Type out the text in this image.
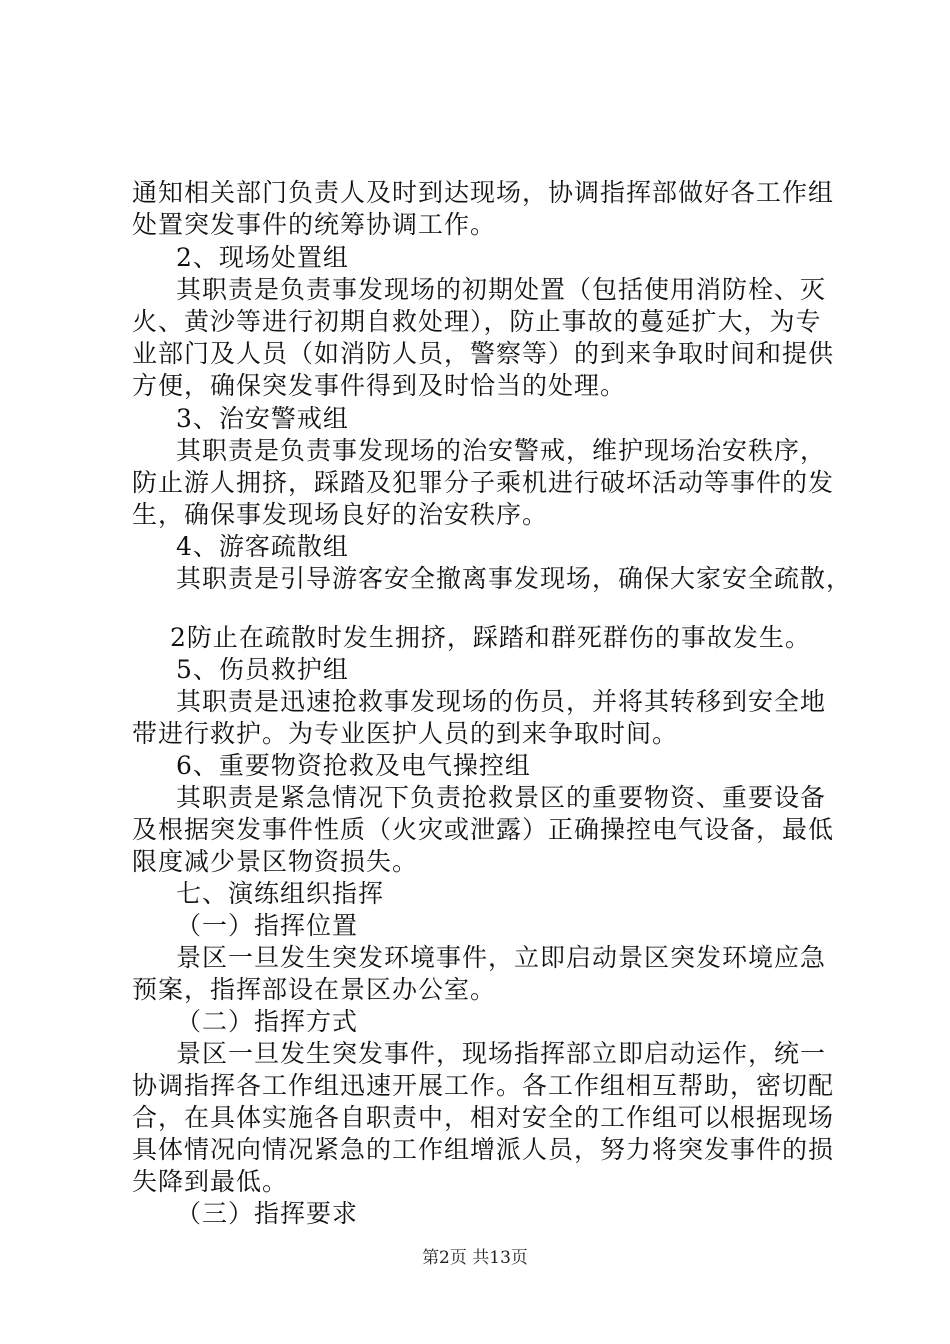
通知相关部门负责人及时到达现场，协调指挥部做好各工作组
处置突发事件的统筹协调工作。
2、现场处置组
其职责是负责事发现场的初期处置（包括使用消防栓、灭
火、黄沙等进行初期自救处理），防止事故的蔓延扩大，为专
业部门及人员（如消防人员，警察等）的到来争取时间和提供
方便，确保突发事件得到及时恰当的处理。
3、治安警戒组
其职责是负责事发现场的治安警戒，维护现场治安秩序，
防止游人拥挤，踩踏及犯罪分子乘机进行破坏活动等事件的发
生，确保事发现场良好的治安秩序。
4、游客疏散组
其职责是引导游客安全撤离事发现场，确保大家安全疏散，
2防止在疏散时发生拥挤，踩踏和群死群伤的事故发生。
5、伤员救护组
其职责是迅速抢救事发现场的伤员，并将其转移到安全地
带进行救护。为专业医护人员的到来争取时间。
6、重要物资抢救及电气操控组
其职责是紧急情况下负责抢救景区的重要物资、重要设备
及根据突发事件性质（火灾或泄露）正确操控电气设备，最低
限度减少景区物资损失。
七、演练组织指挥
（一）指挥位置
景区一旦发生突发环境事件，立即启动景区突发环境应急
预案，指挥部设在景区办公室。
（二）指挥方式
景区一旦发生突发事件，现场指挥部立即启动运作，统一
协调指挥各工作组迅速开展工作。各工作组相互帮助，密切配
合，在具体实施各自职责中，相对安全的工作组可以根据现场
具体情况向情况紧急的工作组增派人员，努力将突发事件的损
失降到最低。
（三）指挥要求
第2页 共13页
